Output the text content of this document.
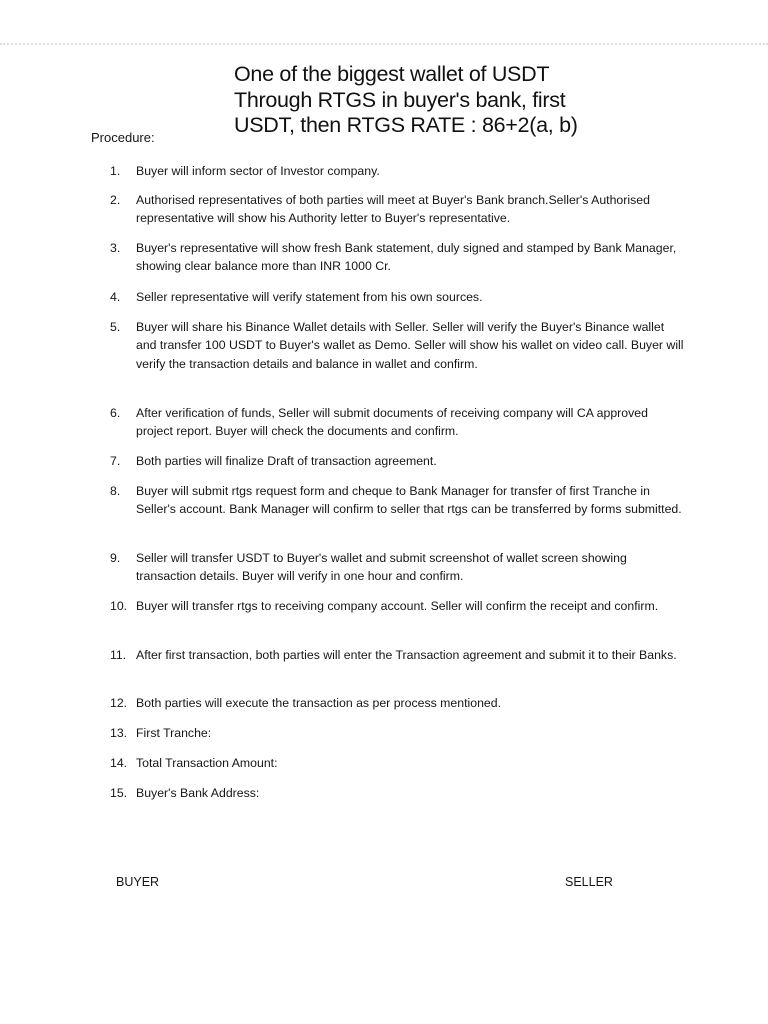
One of the biggest wallet of USDT
Through RTGS in buyer's bank, first
USDT, then RTGS RATE : 86+2(a, b)

Procedure:

1.	Buyer will inform sector of Investor company.
2.	Authorised representatives of both parties will meet at Buyer's Bank branch.Seller's Authorised representative will show his Authority letter to Buyer's representative.
3.	Buyer's representative will show fresh Bank statement, duly signed and stamped by Bank Manager, showing clear balance more than INR 1000 Cr.
4.	Seller representative will verify statement from his own sources.
5.	Buyer will share his Binance Wallet details with Seller. Seller will verify the Buyer's Binance wallet and transfer 100 USDT to Buyer's wallet as Demo. Seller will show his wallet on video call. Buyer will verify the transaction details and balance in wallet and confirm.
6.	After verification of funds, Seller will submit documents of receiving company will CA approved project report. Buyer will check the documents and confirm.
7.	Both parties will finalize Draft of transaction agreement.
8.	Buyer will submit rtgs request form and cheque to Bank Manager for transfer of first Tranche in Seller's account. Bank Manager will confirm to seller that rtgs can be transferred by forms submitted.
9.	Seller will transfer USDT to Buyer's wallet and submit screenshot of wallet screen showing transaction details. Buyer will verify in one hour and confirm.
10. Buyer will transfer rtgs to receiving company account. Seller will confirm the receipt and confirm.
11. After first transaction, both parties will enter the Transaction agreement and submit it to their Banks.
12. Both parties will execute the transaction as per process mentioned.
13. First Tranche:
14. Total Transaction Amount:
15. Buyer's Bank Address:
BUYER	SELLER
